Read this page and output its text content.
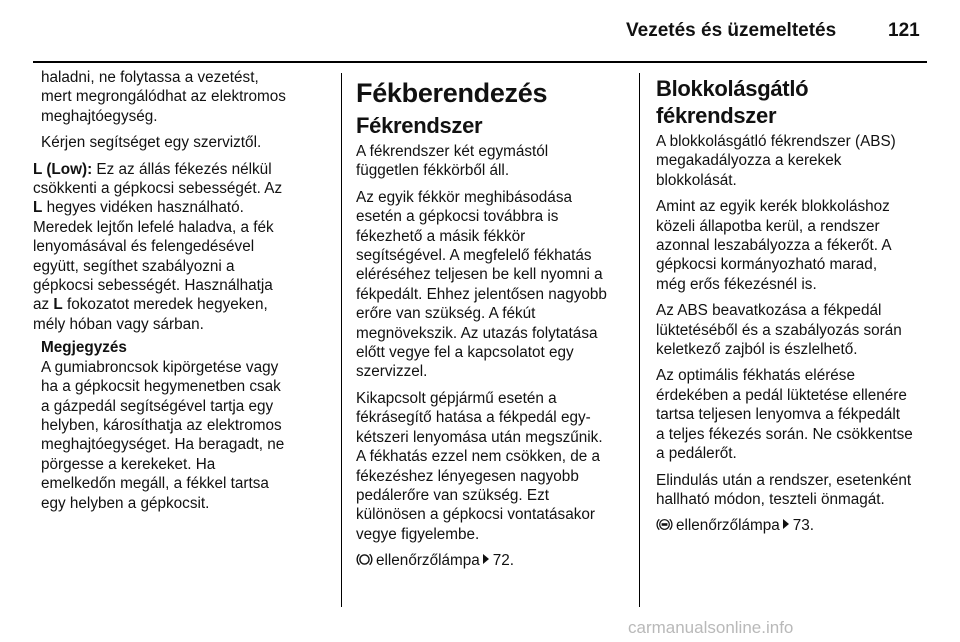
Vezetés és üzemeltetés	121

haladni, ne folytassa a vezetést,
mert megrongálódhat az elektromos
meghajtóegység.

Kérjen segítséget egy szerviztől.

L (Low): Ez az állás fékezés nélkül
csökkenti a gépkocsi sebességét. Az
L hegyes vidéken használható.
Meredek lejtőn lefelé haladva, a fék
lenyomásával és felengedésével
együtt, segíthet szabályozni a
gépkocsi sebességét. Használhatja
az L fokozatot meredek hegyeken,
mély hóban vagy sárban.

Megjegyzés
A gumiabroncsok kipörgetése vagy
ha a gépkocsit hegymenetben csak
a gázpedál segítségével tartja egy
helyben, károsíthatja az elektromos
meghajtóegységet. Ha beragadt, ne
pörgesse a kerekeket. Ha
emelkedőn megáll, a fékkel tartsa
egy helyben a gépkocsit.
Fékberendezés
Fékrendszer

A fékrendszer két egymástól
független fékkörből áll.

Az egyik fékkör meghibásodása
esetén a gépkocsi továbbra is
fékezhető a másik fékkör
segítségével. A megfelelő fékhatás
eléréséhez teljesen be kell nyomni a
fékpedált. Ehhez jelentősen nagyobb
erőre van szükség. A fékút
megnövekszik. Az utazás folytatása
előtt vegye fel a kapcsolatot egy
szervizzel.

Kikapcsolt gépjármű esetén a
fékrásegítő hatása a fékpedál egy-
kétszeri lenyomása után megszűnik.
A fékhatás ezzel nem csökken, de a
fékezéshez lényegesen nagyobb
pedálerőre van szükség. Ezt
különösen a gépkocsi vontatásakor
vegye figyelembe.

ellenőrzőlámpa 72.

Blokkolásgátló
fékrendszer

A blokkolásgátló fékrendszer (ABS)
megakadályozza a kerekek
blokkolását.

Amint az egyik kerék blokkoláshoz
közeli állapotba kerül, a rendszer
azonnal leszabályozza a fékerőt. A
gépkocsi kormányozható marad,
még erős fékezésnél is.

Az ABS beavatkozása a fékpedál
lüktetéséből és a szabályozás során
keletkező zajból is észlelhető.

Az optimális fékhatás elérése
érdekében a pedál lüktetése ellenére
tartsa teljesen lenyomva a fékpedált
a teljes fékezés során. Ne csökkentse
a pedálerőt.

Elindulás után a rendszer, esetenként
hallható módon, teszteli önmagát.

ellenőrzőlámpa 73.

carmanualsonline.info
